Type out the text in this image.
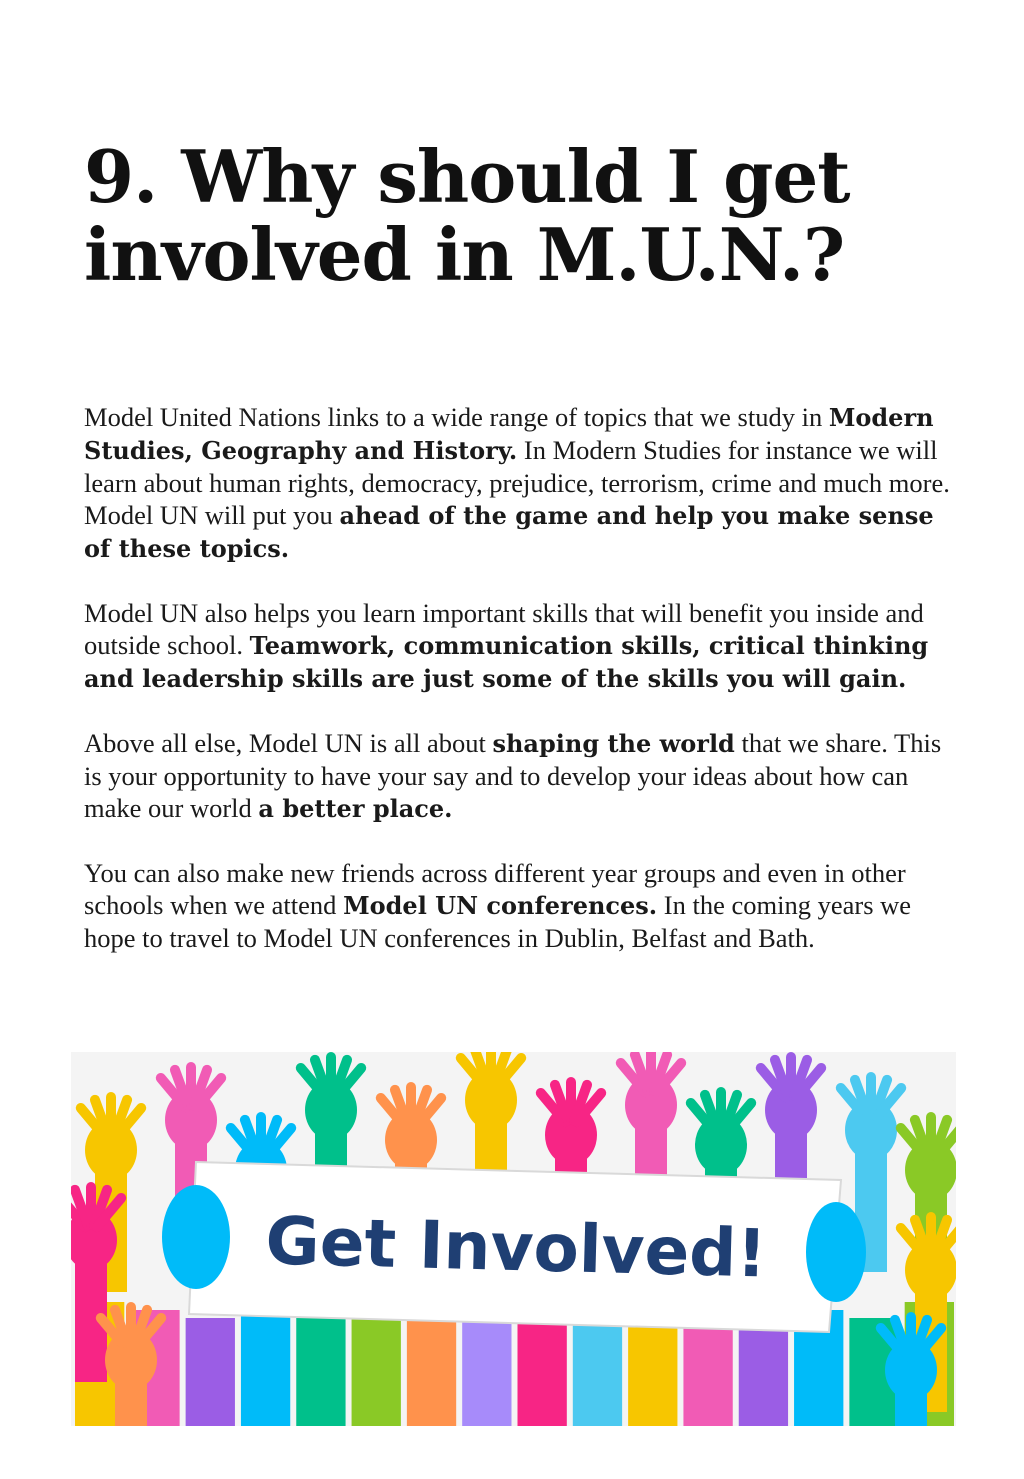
9. Why should I get
involved in M.U.N.?

Model United Nations links to a wide range of topics that we study in Modern Studies, Geography and History. In Modern Studies for instance we will learn about human rights, democracy, prejudice, terrorism, crime and much more. Model UN will put you ahead of the game and help you make sense of these topics.

Model UN also helps you learn important skills that will benefit you inside and outside school. Teamwork, communication skills, critical thinking and leadership skills are just some of the skills you will gain.

Above all else, Model UN is all about shaping the world that we share. This is your opportunity to have your say and to develop your ideas about how can make our world a better place.

You can also make new friends across different year groups and even in other schools when we attend Model UN conferences. In the coming years we hope to travel to Model UN conferences in Dublin, Belfast and Bath.

Get Involved!
